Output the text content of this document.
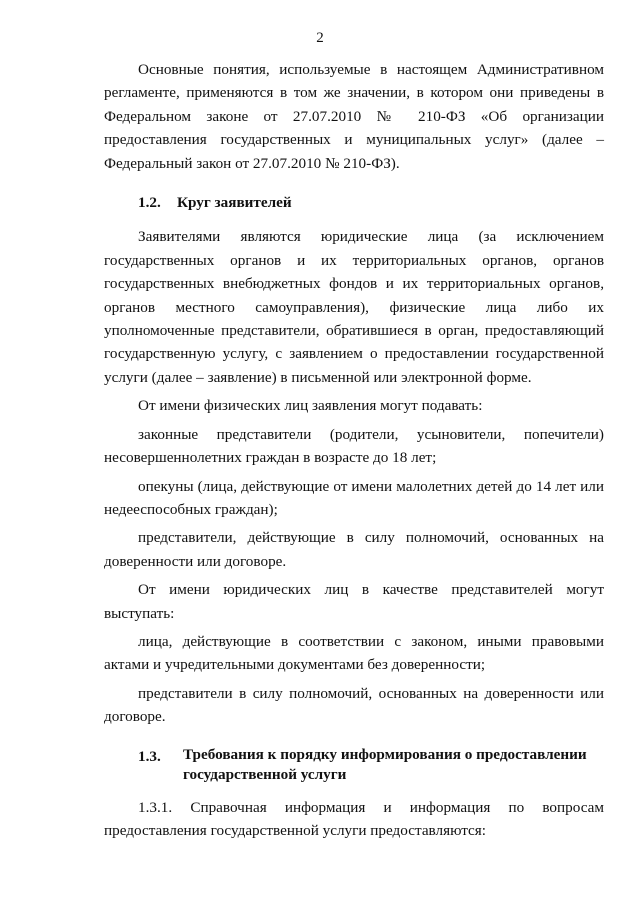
2

Основные понятия, используемые в настоящем Административном регламенте, применяются в том же значении, в котором они приведены в Федеральном законе от 27.07.2010 № 210-ФЗ «Об организации предоставления государственных и муниципальных услуг» (далее – Федеральный закон от 27.07.2010 № 210-ФЗ).

1.2.	Круг заявителей

Заявителями являются юридические лица (за исключением государственных органов и их территориальных органов, органов государственных внебюджетных фондов и их территориальных органов, органов местного самоуправления), физические лица либо их уполномоченные представители, обратившиеся в орган, предоставляющий государственную услугу, с заявлением о предоставлении государственной услуги (далее – заявление) в письменной или электронной форме.

От имени физических лиц заявления могут подавать:

законные представители (родители, усыновители, попечители) несовершеннолетних граждан в возрасте до 18 лет;

опекуны (лица, действующие от имени малолетних детей до 14 лет или недееспособных граждан);

представители, действующие в силу полномочий, основанных на доверенности или договоре.

От имени юридических лиц в качестве представителей могут выступать:

лица, действующие в соответствии с законом, иными правовыми актами и учредительными документами без доверенности;

представители в силу полномочий, основанных на доверенности или договоре.

1.3.	Требования к порядку информирования о предоставлении государственной услуги

1.3.1. Справочная информация и информация по вопросам предоставления государственной услуги предоставляются:
